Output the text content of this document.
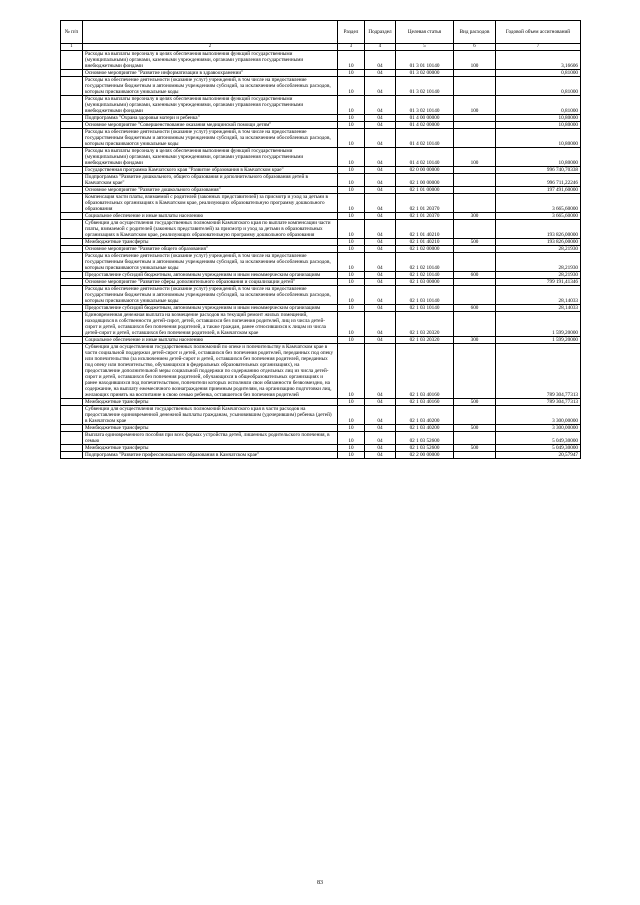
№ п/п		Раздел	Подраздел	Целевая статья	Вид расходов	Годовой объем ассигнований
1	2	3	4	5	6	7
	Расходы на выплаты персоналу в целях обеспечения выполнения функций государственными (муниципальными) органами, казенными учреждениями, органами управления государственными внебюджетными фондами	10	04	01 3 01 10140	100	3,16606
	Основное мероприятие "Развитие информатизации в здравоохранении"	10	04	01 3 02 00000		0,81000
	Расходы на обеспечение деятельности (оказание услуг) учреждений, в том числе на предоставление государственным бюджетным и автономным учреждениям субсидий, за исключением обособленных расходов, которым присваиваются уникальные коды	10	04	01 3 02 10140		0,81000
	Расходы на выплаты персоналу в целях обеспечения выполнения функций государственными (муниципальными) органами, казенными учреждениями, органами управления государственными внебюджетными фондами	10	04	01 3 02 10140	100	0,81000
	Подпрограмма "Охрана здоровья матери и ребенка"	10	04	01 4 00 00000		10,80000
	Основное мероприятие "Совершенствование оказания медицинской помощи детям"	10	04	01 4 02 00000		10,80000
	Расходы на обеспечение деятельности (оказание услуг) учреждений, в том числе на предоставление государственным бюджетным и автономным учреждениям субсидий, за исключением обособленных расходов, которым присваиваются уникальные коды	10	04	01 4 02 10140		10,80000
	Расходы на выплаты персоналу в целях обеспечения выполнения функций государственными (муниципальными) органами, казенными учреждениями, органами управления государственными внебюджетными фондами	10	04	01 4 02 10140	100	10,80000
	Государственная программа Камчатского края "Развитие образования в Камчатском крае"	10	04	02 0 00 00000		996 740,70338
	Подпрограмма "Развитие дошкольного, общего образования и дополнительного образования детей в Камчатском крае"	10	04	02 1 00 00000		996 711,22246
	Основное мероприятие "Развитие дошкольного образования"	10	04	02 1 01 00000		197 491,60000
	Компенсация части платы, взимаемой с родителей (законных представителей) за присмотр и уход за детьми в образовательных организациях в Камчатском крае, реализующих образовательную программу дошкольного образования	10	04	02 1 01 20370		3 665,60000
	Социальное обеспечение и иные выплаты населению	10	04	02 1 01 20370	300	3 665,60000
	Субвенции для осуществления государственных полномочий Камчатского края по выплате компенсации части платы, взимаемой с родителей (законных представителей) за присмотр и уход за детьми в образовательных организациях в Камчатском крае, реализующих образовательную программу дошкольного образования	10	04	02 1 01 40210		193 826,00000
	Межбюджетные трансферты	10	04	02 1 01 40210	500	193 826,00000
	Основное мероприятие "Развитие общего образования"	10	04	02 1 02 00000		28,21930
	Расходы на обеспечение деятельности (оказание услуг) учреждений, в том числе на предоставление государственным бюджетным и автономным учреждениям субсидий, за исключением обособленных расходов, которым присваиваются уникальные коды	10	04	02 1 02 10140		28,21930
	Предоставление субсидий бюджетным, автономным учреждениям и иным некоммерческим организациям	10	04	02 1 02 10140	600	28,21930
	Основное мероприятие "Развитие сферы дополнительного образования и социализации детей"	10	04	02 1 03 00000		799 191,41346
	Расходы на обеспечение деятельности (оказание услуг) учреждений, в том числе на предоставление государственным бюджетным и автономным учреждениям субсидий, за исключением обособленных расходов, которым присваиваются уникальные коды	10	04	02 1 03 10140		28,14033
	Предоставление субсидий бюджетным, автономным учреждениям и иным некоммерческим организациям	10	04	02 1 03 10140	600	28,14033
	Единовременная денежная выплата на возмещение расходов на текущий ремонт жилых помещений, находящихся в собственности детей-сирот, детей, оставшихся без попечения родителей, лиц из числа детей-сирот и детей, оставшихся без попечения родителей, а также граждан, ранее относившихся к лицам из числа детей-сирот и детей, оставшихся без попечения родителей, в Камчатском крае	10	04	02 1 03 20320		1 599,20000
	Социальное обеспечение и иные выплаты населению	10	04	02 1 03 20320	300	1 599,20000
	Субвенции для осуществления государственных полномочий по опеке и попечительству в Камчатском крае в части социальной поддержки детей-сирот и детей, оставшихся без попечения родителей, переданных под опеку или попечительство (за исключением детей-сирот и детей, оставшихся без попечения родителей, переданных под опеку или попечительство, обучающихся в федеральных образовательных организациях), на предоставление дополнительной меры социальной поддержки по содержанию отдельных лиц из числа детей-сирот и детей, оставшихся без попечения родителей, обучающихся в общеобразовательных организациях и ранее находившихся под попечительством, попечители которых исполняли свои обязанности безвозмездно, на содержание, на выплату ежемесячного вознаграждения приемным родителям, на организацию подготовки лиц, желающих принять на воспитание в свою семью ребенка, оставшегося без попечения родителей	10	04	02 1 03 40160		789 304,77313
	Межбюджетные трансферты	10	04	02 1 03 40160	500	789 304,77313
	Субвенции для осуществления государственных полномочий Камчатского края в части расходов на предоставление единовременной денежной выплаты гражданам, усыновившим (удочерившим) ребенка (детей) в Камчатском крае	10	04	02 1 03 40200		3 300,00000
	Межбюджетные трансферты	10	04	02 1 03 40200	500	3 300,00000
	Выплата единовременного пособия при всех формах устройства детей, лишенных родительского попечения, в семью	10	04	02 1 03 52600		5 049,30000
	Межбюджетные трансферты	10	04	02 1 03 52600	500	5 049,30000
	Подпрограмма "Развитие профессионального образования в Камчатском крае"	10	04	02 2 00 00000		20,57947
83
